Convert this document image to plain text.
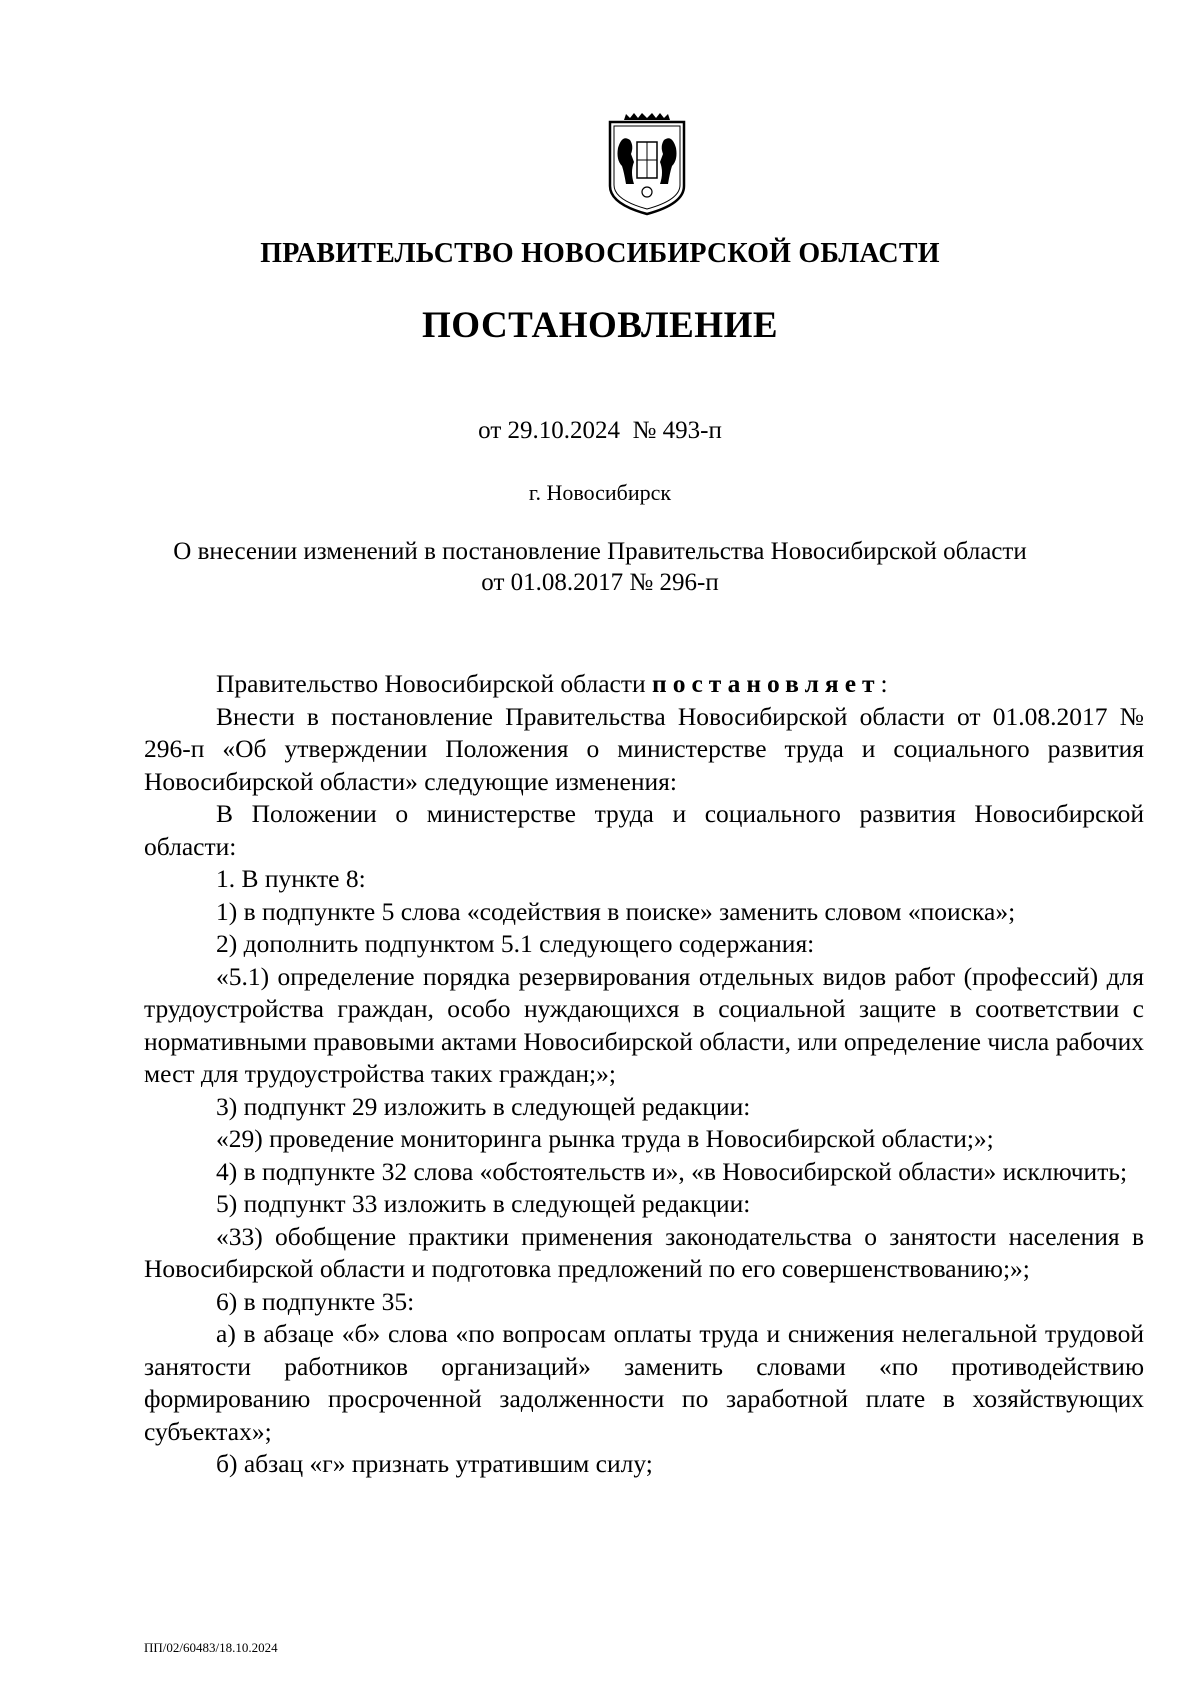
ПРАВИТЕЛЬСТВО НОВОСИБИРСКОЙ ОБЛАСТИ
ПОСТАНОВЛЕНИЕ
от 29.10.2024  № 493-п
г. Новосибирск
О внесении изменений в постановление Правительства Новосибирской области
от 01.08.2017 № 296-п

Правительство Новосибирской области постановляет:

Внести в постановление Правительства Новосибирской области от 01.08.2017 № 296-п «Об утверждении Положения о министерстве труда и социального развития Новосибирской области» следующие изменения:

В Положении о министерстве труда и социального развития Новосибирской области:

1. В пункте 8:

1) в подпункте 5 слова «содействия в поиске» заменить словом «поиска»;

2) дополнить подпунктом 5.1 следующего содержания:

«5.1) определение порядка резервирования отдельных видов работ (профессий) для трудоустройства граждан, особо нуждающихся в социальной защите в соответствии с нормативными правовыми актами Новосибирской области, или определение числа рабочих мест для трудоустройства таких граждан;»;

3) подпункт 29 изложить в следующей редакции:

«29) проведение мониторинга рынка труда в Новосибирской области;»;

4) в подпункте 32 слова «обстоятельств и», «в Новосибирской области» исключить;

5) подпункт 33 изложить в следующей редакции:

«33) обобщение практики применения законодательства о занятости населения в Новосибирской области и подготовка предложений по его совершенствованию;»;

6) в подпункте 35:

а) в абзаце «б» слова «по вопросам оплаты труда и снижения нелегальной трудовой занятости работников организаций» заменить словами «по противодействию формированию просроченной задолженности по заработной плате в хозяйствующих субъектах»;

б) абзац «г» признать утратившим силу;

ПП/02/60483/18.10.2024
